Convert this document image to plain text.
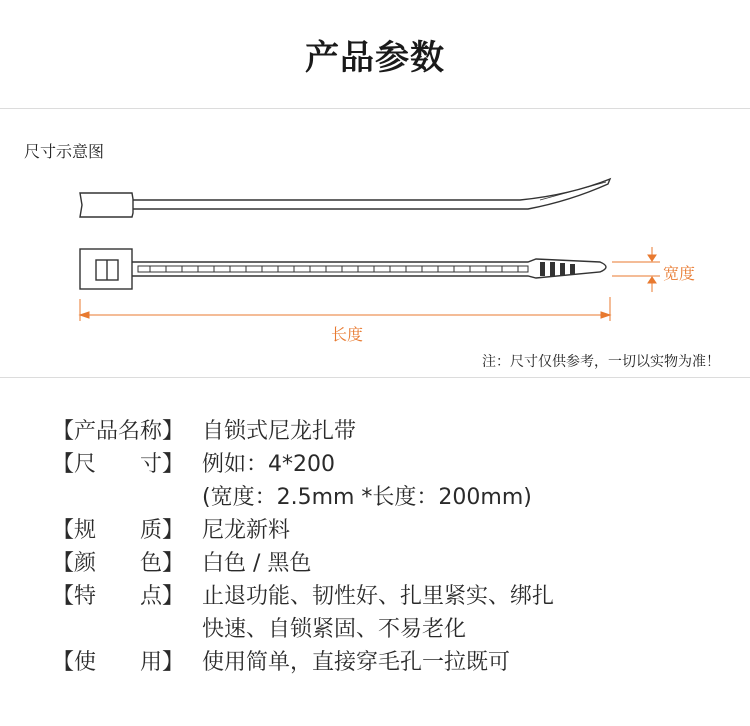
产品参数
尺寸示意图
宽度
长度
注：尺寸仅供参考，一切以实物为准！
【产品名称】 自锁式尼龙扎带
【尺　　寸】 例如：4*200
(宽度：2.5mm *长度：200mm)
【规　　质】 尼龙新料
【颜　　色】 白色 / 黑色
【特　　点】 止退功能、韧性好、扎里紧实、绑扎
快速、自锁紧固、不易老化
【使　　用】 使用简单，直接穿毛孔一拉既可
